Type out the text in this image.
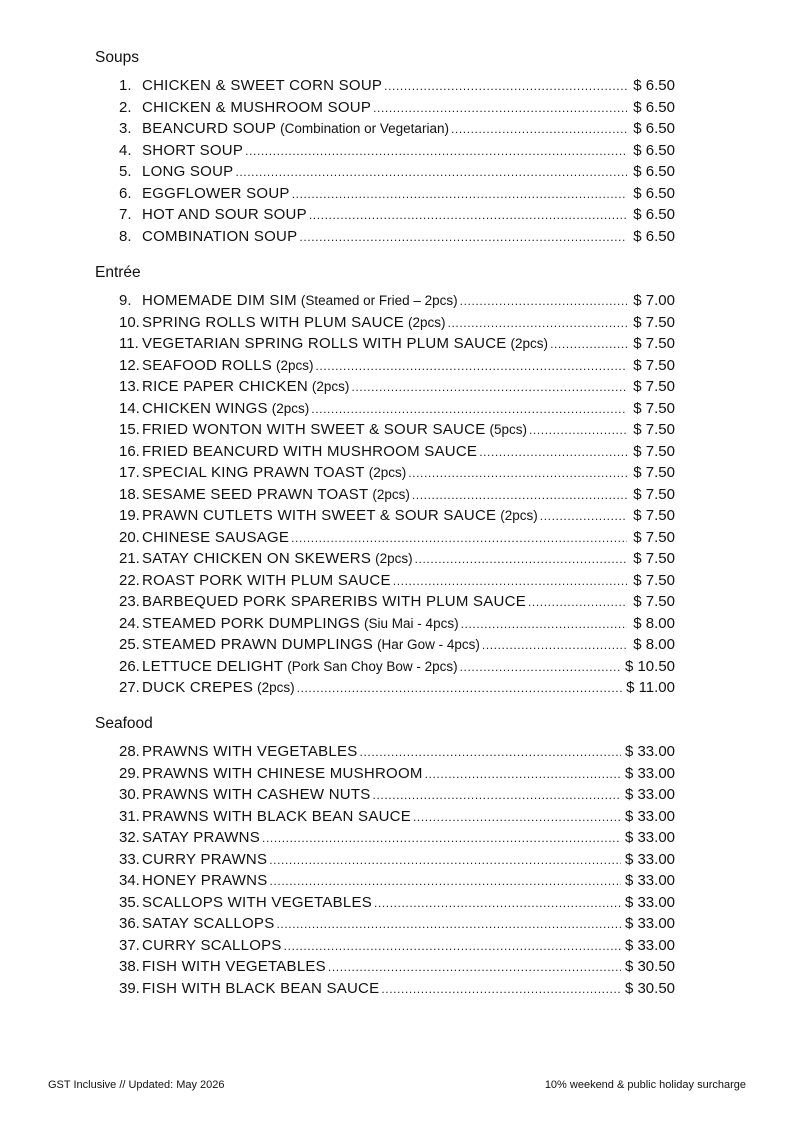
Soups
1. CHICKEN & SWEET CORN SOUP .....	$ 6.50
2. CHICKEN & MUSHROOM SOUP .....	$ 6.50
3. BEANCURD SOUP (Combination or Vegetarian) .....	$ 6.50
4. SHORT SOUP .....	$ 6.50
5. LONG SOUP .....	$ 6.50
6. EGGFLOWER SOUP .....	$ 6.50
7. HOT AND SOUR SOUP .....	$ 6.50
8. COMBINATION SOUP .....	$ 6.50
Entrée
9. HOMEMADE DIM SIM (Steamed or Fried – 2pcs) .....	$ 7.00
10. SPRING ROLLS WITH PLUM SAUCE (2pcs) .....	$ 7.50
11. VEGETARIAN SPRING ROLLS WITH PLUM SAUCE (2pcs) .....	$ 7.50
12. SEAFOOD ROLLS (2pcs) .....	$ 7.50
13. RICE PAPER CHICKEN (2pcs) .....	$ 7.50
14. CHICKEN WINGS (2pcs) .....	$ 7.50
15. FRIED WONTON WITH SWEET & SOUR SAUCE (5pcs) .....	$ 7.50
16. FRIED BEANCURD WITH MUSHROOM SAUCE .....	$ 7.50
17. SPECIAL KING PRAWN TOAST (2pcs) .....	$ 7.50
18. SESAME SEED PRAWN TOAST (2pcs) .....	$ 7.50
19. PRAWN CUTLETS WITH SWEET & SOUR SAUCE (2pcs) .....	$ 7.50
20. CHINESE SAUSAGE .....	$ 7.50
21. SATAY CHICKEN ON SKEWERS (2pcs) .....	$ 7.50
22. ROAST PORK WITH PLUM SAUCE .....	$ 7.50
23. BARBEQUED PORK SPARERIBS WITH PLUM SAUCE .....	$ 7.50
24. STEAMED PORK DUMPLINGS (Siu Mai - 4pcs) .....	$ 8.00
25. STEAMED PRAWN DUMPLINGS (Har Gow - 4pcs) .....	$ 8.00
26. LETTUCE DELIGHT (Pork San Choy Bow - 2pcs) .....	$ 10.50
27. DUCK CREPES (2pcs) .....	$ 11.00
Seafood
28. PRAWNS WITH VEGETABLES .....	$ 33.00
29. PRAWNS WITH CHINESE MUSHROOM .....	$ 33.00
30. PRAWNS WITH CASHEW NUTS .....	$ 33.00
31. PRAWNS WITH BLACK BEAN SAUCE .....	$ 33.00
32. SATAY PRAWNS .....	$ 33.00
33. CURRY PRAWNS .....	$ 33.00
34. HONEY PRAWNS .....	$ 33.00
35. SCALLOPS WITH VEGETABLES .....	$ 33.00
36. SATAY SCALLOPS .....	$ 33.00
37. CURRY SCALLOPS .....	$ 33.00
38. FISH WITH VEGETABLES .....	$ 30.50
39. FISH WITH BLACK BEAN SAUCE .....	$ 30.50
GST Inclusive // Updated: May 2026	10% weekend & public holiday surcharge
